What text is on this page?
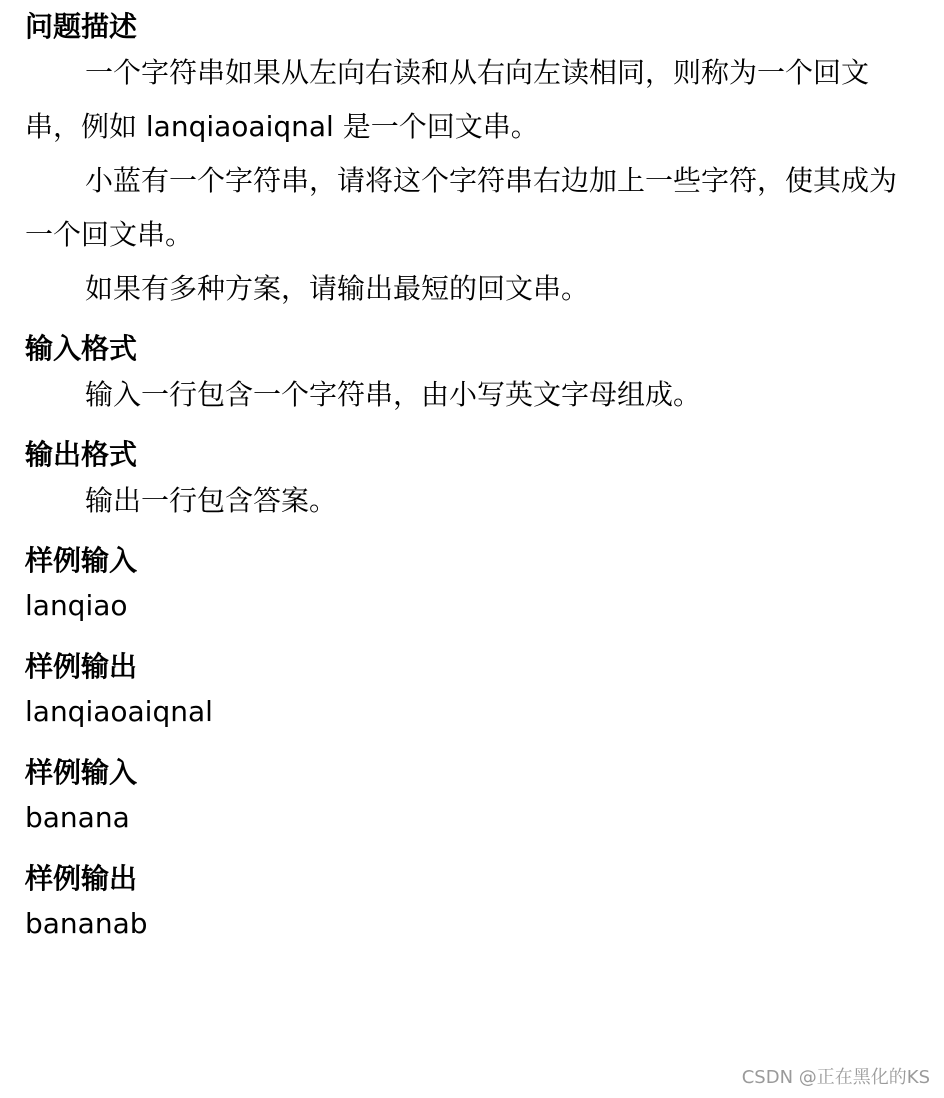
问题描述

一个字符串如果从左向右读和从右向左读相同，则称为一个回文串，例如 lanqiaoaiqnal 是一个回文串。

小蓝有一个字符串，请将这个字符串右边加上一些字符，使其成为一个回文串。

如果有多种方案，请输出最短的回文串。

输入格式

输入一行包含一个字符串，由小写英文字母组成。

输出格式

输出一行包含答案。

样例输入

lanqiao

样例输出

lanqiaoaiqnal

样例输入

banana

样例输出

bananab

CSDN @正在黑化的KS
